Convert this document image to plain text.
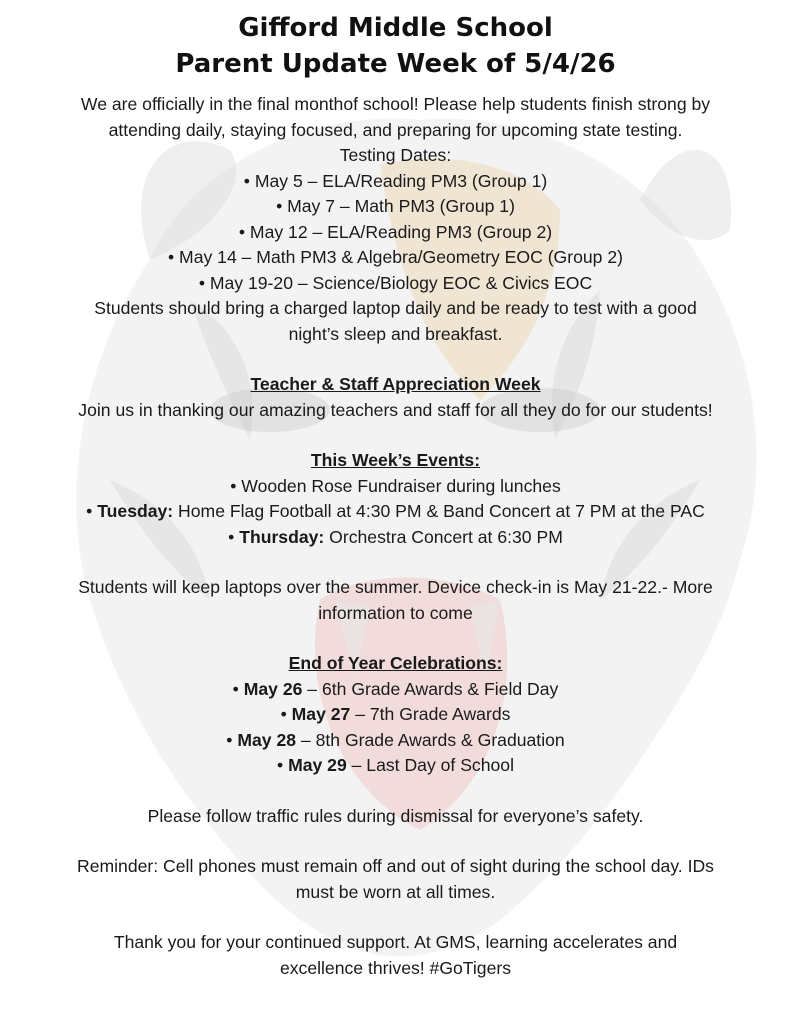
Gifford Middle School
Parent Update Week of 5/4/26
We are officially in the final monthof school! Please help students finish strong by
attending daily, staying focused, and preparing for upcoming state testing.
Testing Dates:
• May 5 – ELA/Reading PM3 (Group 1)
• May 7 – Math PM3 (Group 1)
• May 12 – ELA/Reading PM3 (Group 2)
• May 14 – Math PM3 & Algebra/Geometry EOC (Group 2)
• May 19-20 – Science/Biology EOC & Civics EOC
Students should bring a charged laptop daily and be ready to test with a good
night’s sleep and breakfast.
Teacher & Staff Appreciation Week
Join us in thanking our amazing teachers and staff for all they do for our students!
This Week’s Events:
• Wooden Rose Fundraiser during lunches
• Tuesday: Home Flag Football at 4:30 PM & Band Concert at 7 PM at the PAC
• Thursday: Orchestra Concert at 6:30 PM
Students will keep laptops over the summer. Device check-in is May 21-22.- More
information to come
End of Year Celebrations:
• May 26 – 6th Grade Awards & Field Day
• May 27 – 7th Grade Awards
• May 28 – 8th Grade Awards & Graduation
• May 29 – Last Day of School
Please follow traffic rules during dismissal for everyone’s safety.
Reminder: Cell phones must remain off and out of sight during the school day. IDs
must be worn at all times.
Thank you for your continued support. At GMS, learning accelerates and
excellence thrives! #GoTigers
